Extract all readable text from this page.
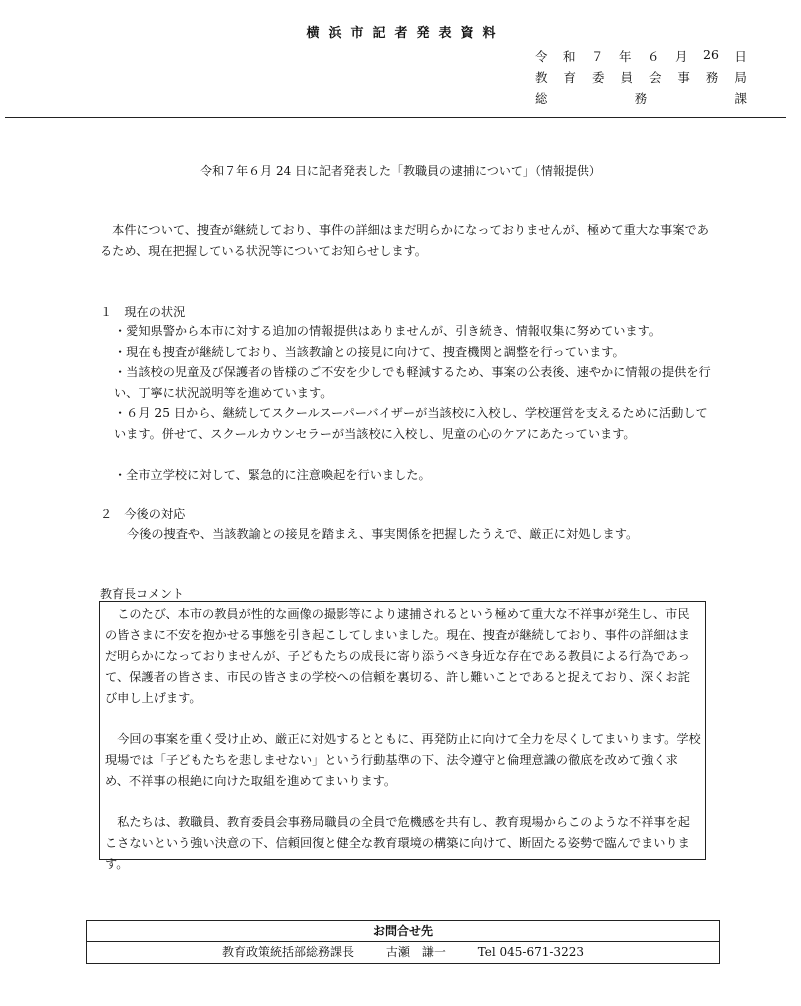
横浜市記者発表資料
令 和 ７ 年 ６ 月 26 日
教 育 委 員 会 事 務 局
総	務	課
令和７年６月 24 日に記者発表した「教職員の逮捕について」（情報提供）
　本件について、捜査が継続しており、事件の詳細はまだ明らかになっておりませんが、極めて重大な事案であるため、現在把握している状況等についてお知らせします。
１　現在の状況
・愛知県警から本市に対する追加の情報提供はありませんが、引き続き、情報収集に努めています。
・現在も捜査が継続しており、当該教諭との接見に向けて、捜査機関と調整を行っています。
・当該校の児童及び保護者の皆様のご不安を少しでも軽減するため、事案の公表後、速やかに情報の提供を行い、丁寧に状況説明等を進めています。
・６月 25 日から、継続してスクールスーパーバイザーが当該校に入校し、学校運営を支えるために活動しています。併せて、スクールカウンセラーが当該校に入校し、児童の心のケアにあたっています。
・全市立学校に対して、緊急的に注意喚起を行いました。
２　今後の対応
今後の捜査や、当該教諭との接見を踏まえ、事実関係を把握したうえで、厳正に対処します。
教育長コメント

このたび、本市の教員が性的な画像の撮影等により逮捕されるという極めて重大な不祥事が発生し、市民の皆さまに不安を抱かせる事態を引き起こしてしまいました。現在、捜査が継続しており、事件の詳細はまだ明らかになっておりませんが、子どもたちの成長に寄り添うべき身近な存在である教員による行為であって、保護者の皆さま、市民の皆さまの学校への信頼を裏切る、許し難いことであると捉えており、深くお詫び申し上げます。

今回の事案を重く受け止め、厳正に対処するとともに、再発防止に向けて全力を尽くしてまいります。学校現場では「子どもたちを悲しませない」という行動基準の下、法令遵守と倫理意識の徹底を改めて強く求め、不祥事の根絶に向けた取組を進めてまいります。

私たちは、教職員、教育委員会事務局職員の全員で危機感を共有し、教育現場からこのような不祥事を起こさないという強い決意の下、信頼回復と健全な教育環境の構築に向けて、断固たる姿勢で臨んでまいります。

お問合せ先
教育政策統括部総務課長	古瀬　謙一	Tel 045-671-3223
